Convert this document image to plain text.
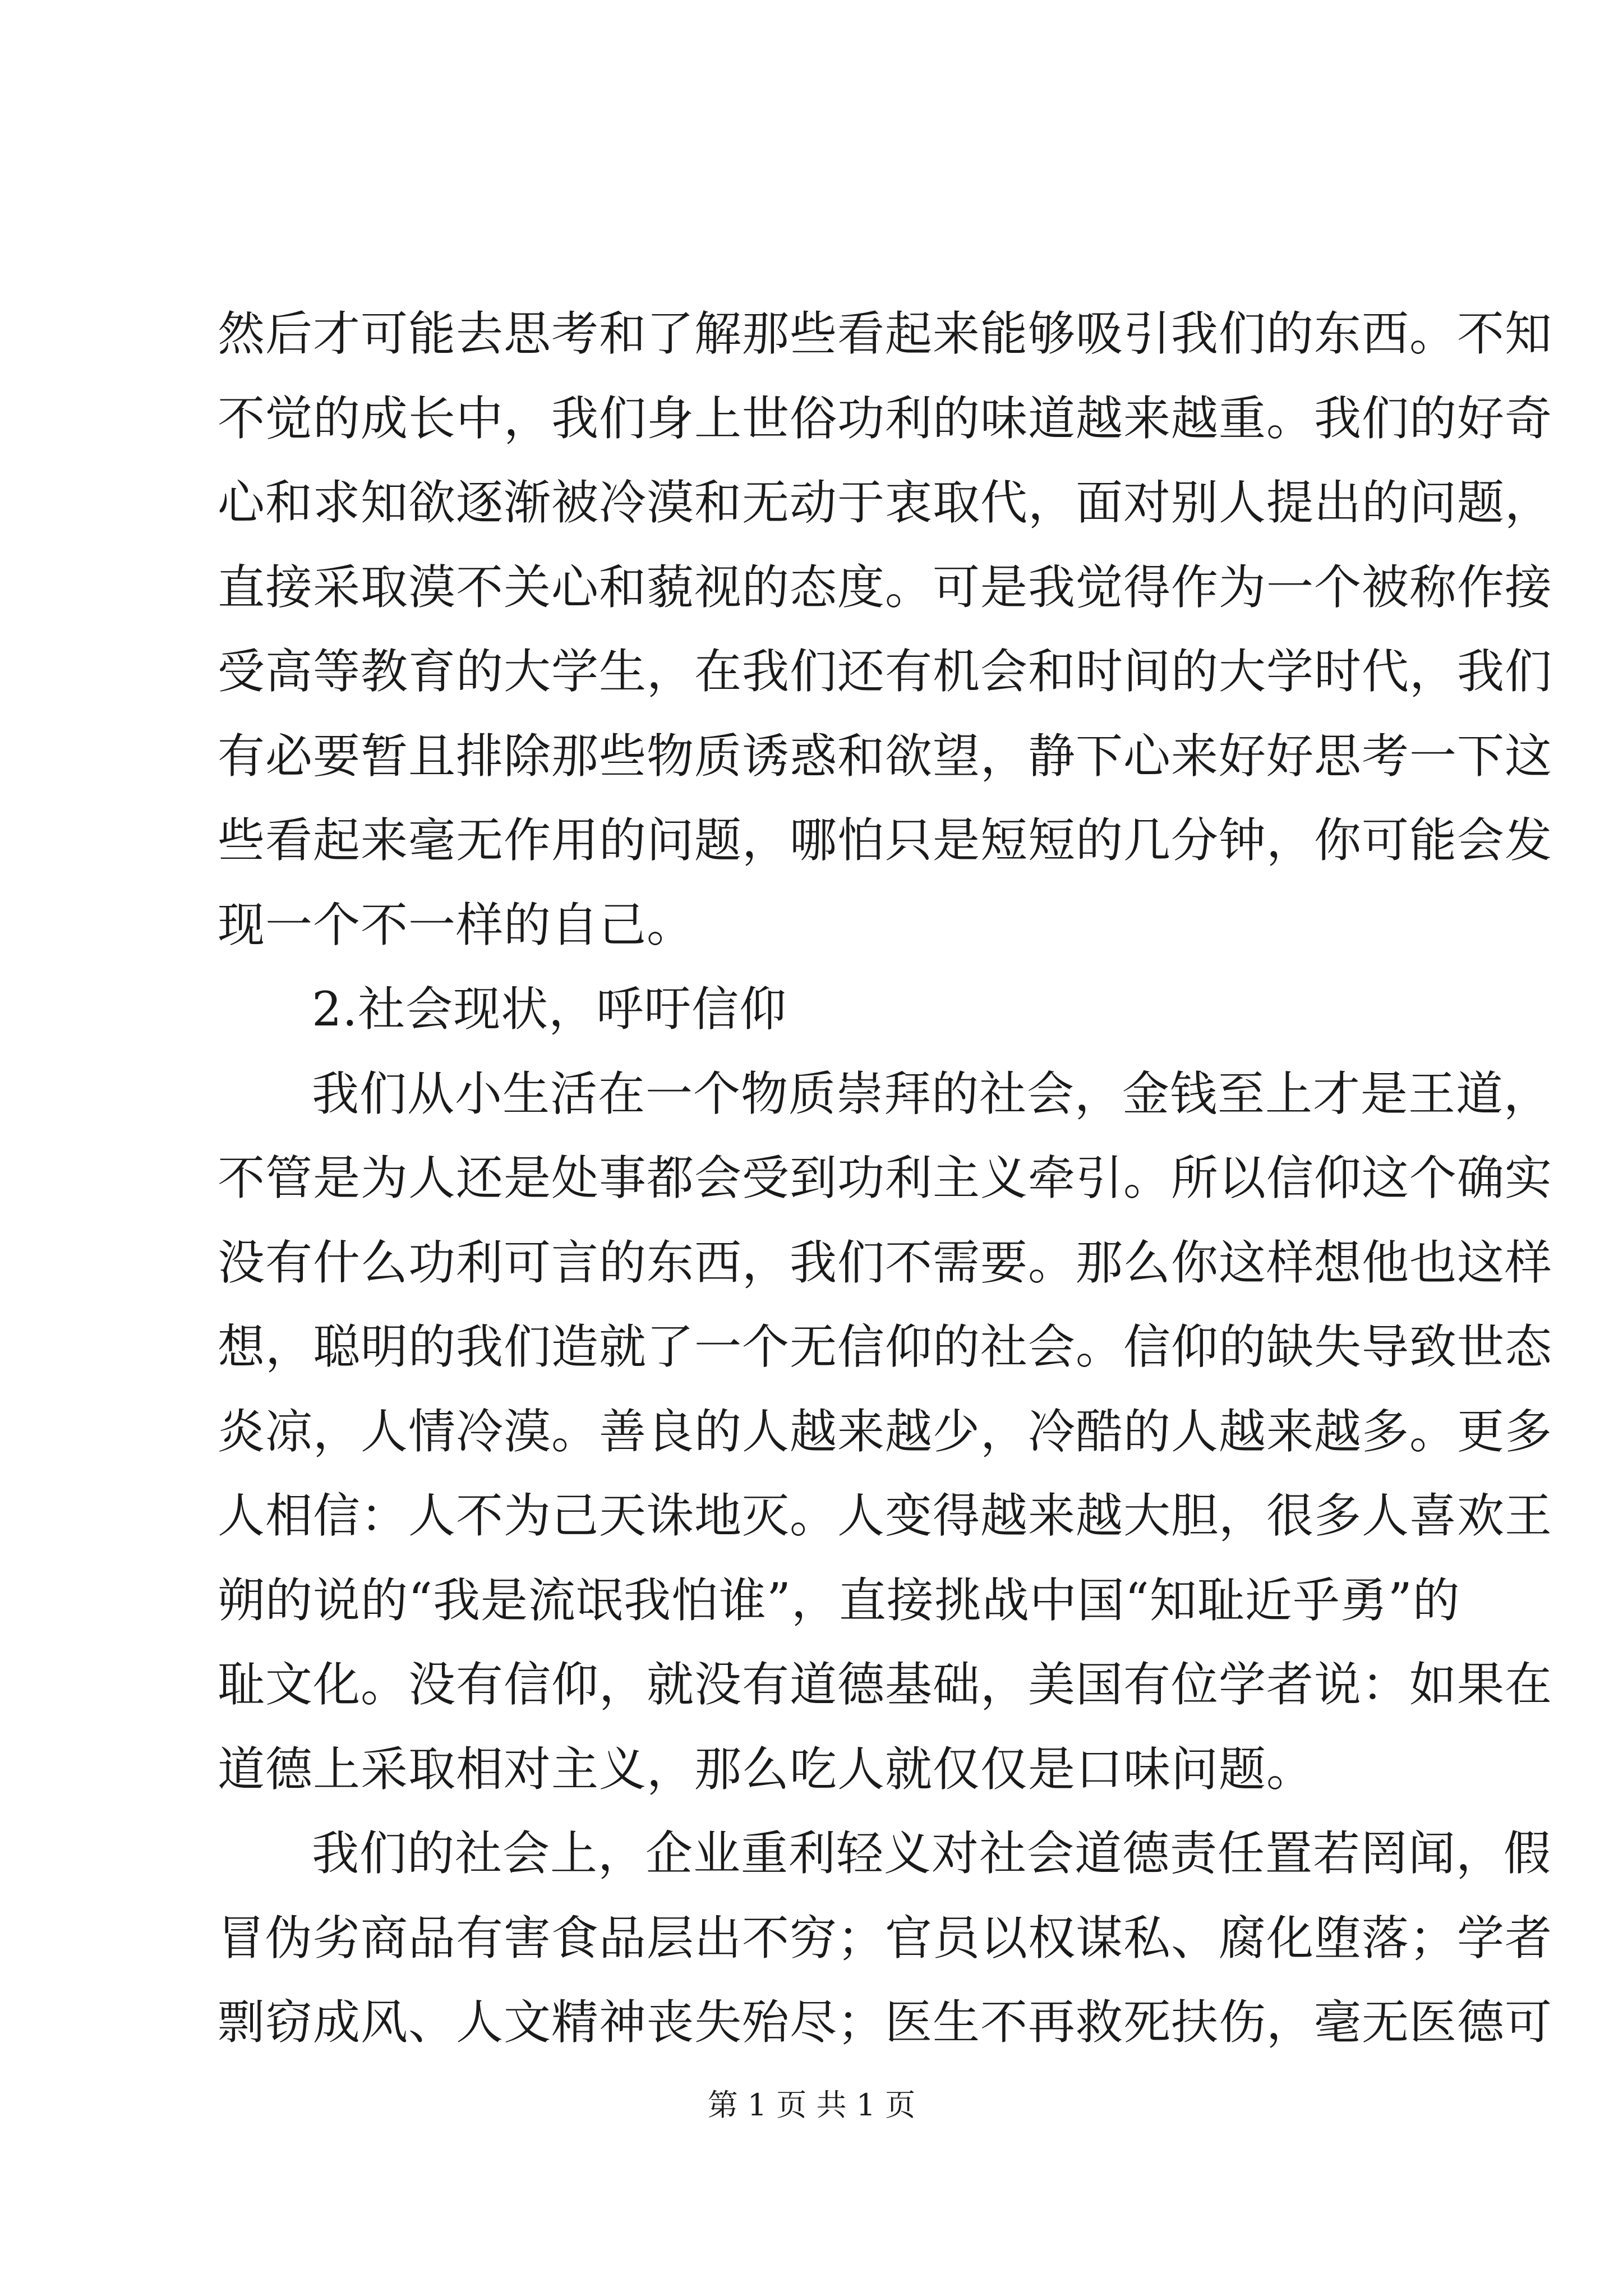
然后才可能去思考和了解那些看起来能够吸引我们的东西。不知
不觉的成长中，我们身上世俗功利的味道越来越重。我们的好奇
心和求知欲逐渐被冷漠和无动于衷取代，面对别人提出的问题，
直接采取漠不关心和藐视的态度。可是我觉得作为一个被称作接
受高等教育的大学生，在我们还有机会和时间的大学时代，我们
有必要暂且排除那些物质诱惑和欲望，静下心来好好思考一下这
些看起来毫无作用的问题，哪怕只是短短的几分钟，你可能会发
现一个不一样的自己。
2.社会现状，呼吁信仰
我们从小生活在一个物质崇拜的社会，金钱至上才是王道，
不管是为人还是处事都会受到功利主义牵引。所以信仰这个确实
没有什么功利可言的东西，我们不需要。那么你这样想他也这样
想，聪明的我们造就了一个无信仰的社会。信仰的缺失导致世态
炎凉，人情冷漠。善良的人越来越少，冷酷的人越来越多。更多
人相信：人不为己天诛地灭。人变得越来越大胆，很多人喜欢王
朔的说的“我是流氓我怕谁”，直接挑战中国“知耻近乎勇”的
耻文化。没有信仰，就没有道德基础，美国有位学者说：如果在
道德上采取相对主义，那么吃人就仅仅是口味问题。
我们的社会上，企业重利轻义对社会道德责任置若罔闻，假
冒伪劣商品有害食品层出不穷；官员以权谋私、腐化堕落；学者
剽窃成风、人文精神丧失殆尽；医生不再救死扶伤，毫无医德可
第 1 页 共 1 页
